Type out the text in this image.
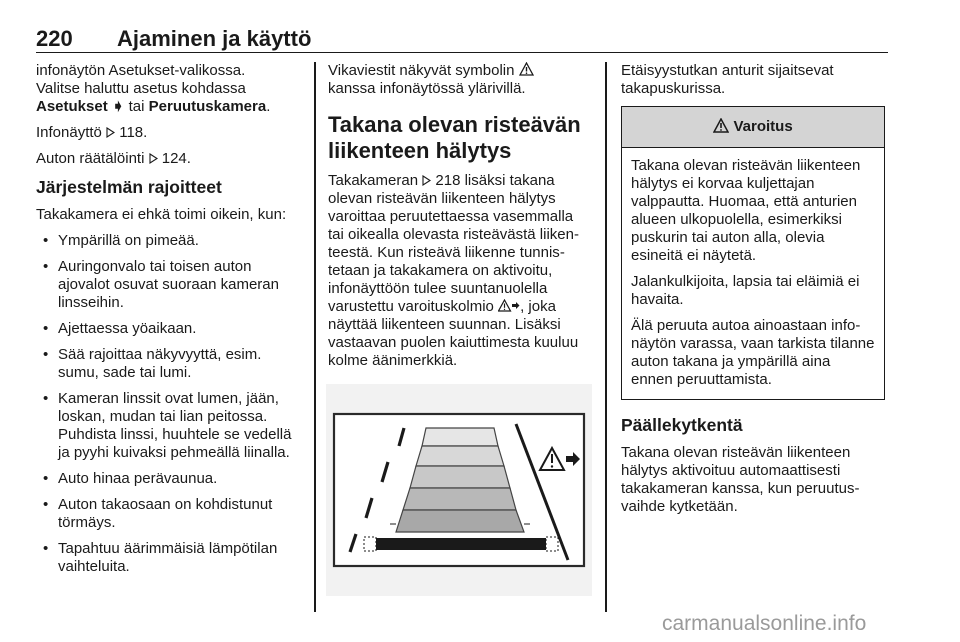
220 Ajaminen ja käyttö

infonäytön Asetukset-valikossa.
Valitse haluttu asetus kohdassa
Asetukset ➧ tai Peruutuskamera.

Infonäyttö  118.

Auton räätälöinti  124.

Järjestelmän rajoitteet

Takakamera ei ehkä toimi oikein, kun:

• Ympärillä on pimeää.
• Auringonvalo tai toisen auton ajovalot osuvat suoraan kameran linsseihin.
• Ajettaessa yöaikaan.
• Sää rajoittaa näkyvyyttä, esim. sumu, sade tai lumi.
• Kameran linssit ovat lumen, jään, loskan, mudan tai lian peitossa. Puhdista linssi, huuhtele se vedellä ja pyyhi kuivaksi pehmeällä liinalla.
• Auto hinaa perävaunua.
• Auton takaosaan on kohdistunut törmäys.
• Tapahtuu äärimmäisiä lämpötilan vaihteluita.

Vikaviestit näkyvät symbolin
kanssa infonäytössä ylärivillä.

Takana olevan risteävän liikenteen hälytys

Takakameran  218 lisäksi takana olevan risteävän liikenteen hälytys varoittaa peruutettaessa vasemmalla tai oikealla olevasta risteävästä liikenteestä. Kun risteävä liikenne tunnistetaan ja takakamera on aktivoitu, infonäyttöön tulee suuntanuolella varustettu varoituskolmio , joka näyttää liikenteen suunnan. Lisäksi vastaavan puolen kaiuttimesta kuuluu kolme äänimerkkiä.

Etäisyystutkan anturit sijaitsevat takapuskurissa.

Varoitus

Takana olevan risteävän liikenteen hälytys ei korvaa kuljettajan valppautta. Huomaa, että anturien alueen ulkopuolella, esimerkiksi puskurin tai auton alla, olevia esineitä ei näytetä.

Jalankulkijoita, lapsia tai eläimiä ei havaita.

Älä peruuta autoa ainoastaan infonäytön varassa, vaan tarkista tilanne auton takana ja ympärillä aina ennen peruuttamista.

Päällekytkentä

Takana olevan risteävän liikenteen hälytys aktivoituu automaattisesti takakameran kanssa, kun peruutusvaihde kytketään.

carmanualsonline.info
